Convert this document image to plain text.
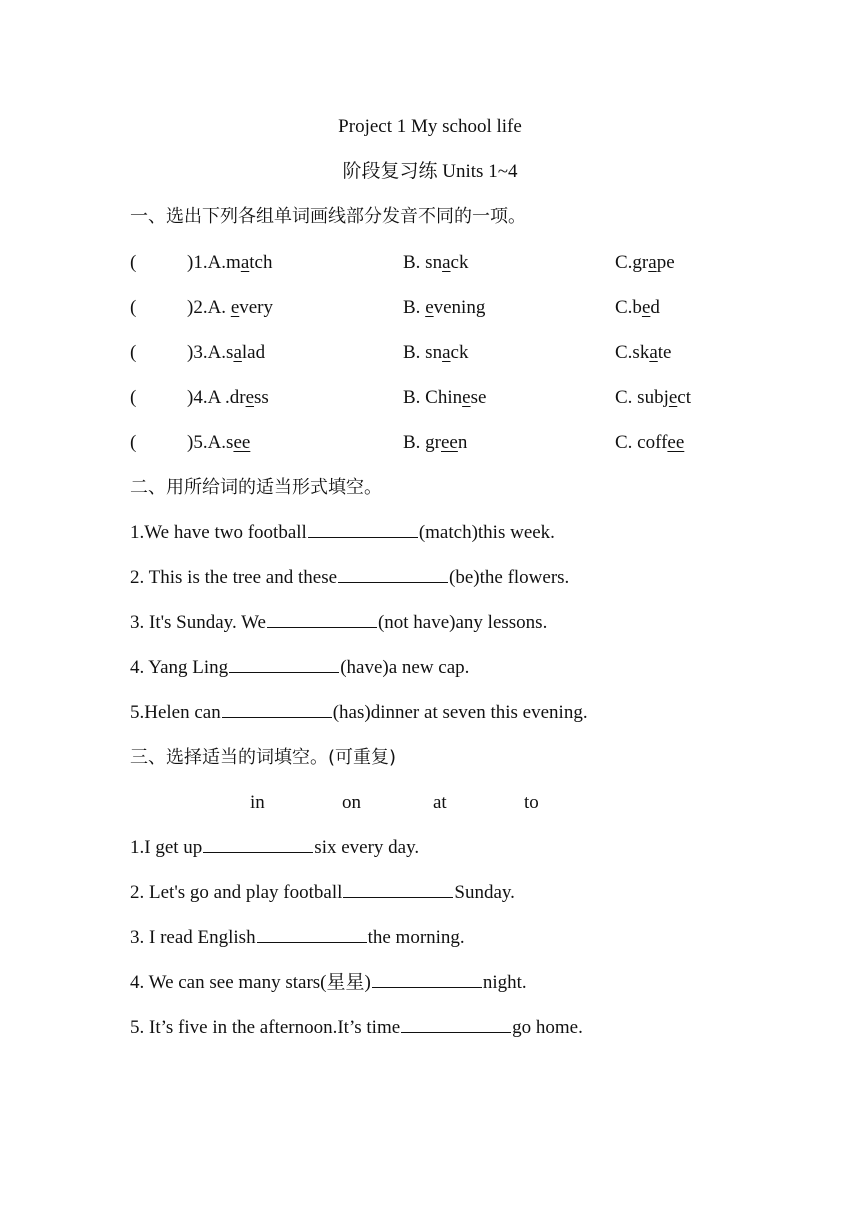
Project 1 My school life
阶段复习练 Units 1~4
一、选出下列各组单词画线部分发音不同的一项。
(	)1.A.match	B. snack	C.grape
(	)2.A. every	B. evening	C.bed
(	)3.A.salad	B. snack	C.skate
(	)4.A .dress	B. Chinese	C. subject
(	)5.A.see	B. green	C. coffee
二、用所给词的适当形式填空。
1.We have two football	(match)this week.
2. This is the tree and these	(be)the flowers.
3. It's Sunday. We	(not have)any lessons.
4. Yang Ling	(have)a new cap.
5.Helen can	(has)dinner at seven this evening.
三、选择适当的词填空。(可重复)
in	on	at	to
1.I get up	six every day.
2. Let's go and play football	Sunday.
3. I read English	the morning.
4. We can see many stars(星星)	night.
5. It’s five in the afternoon.It’s time	go home.
